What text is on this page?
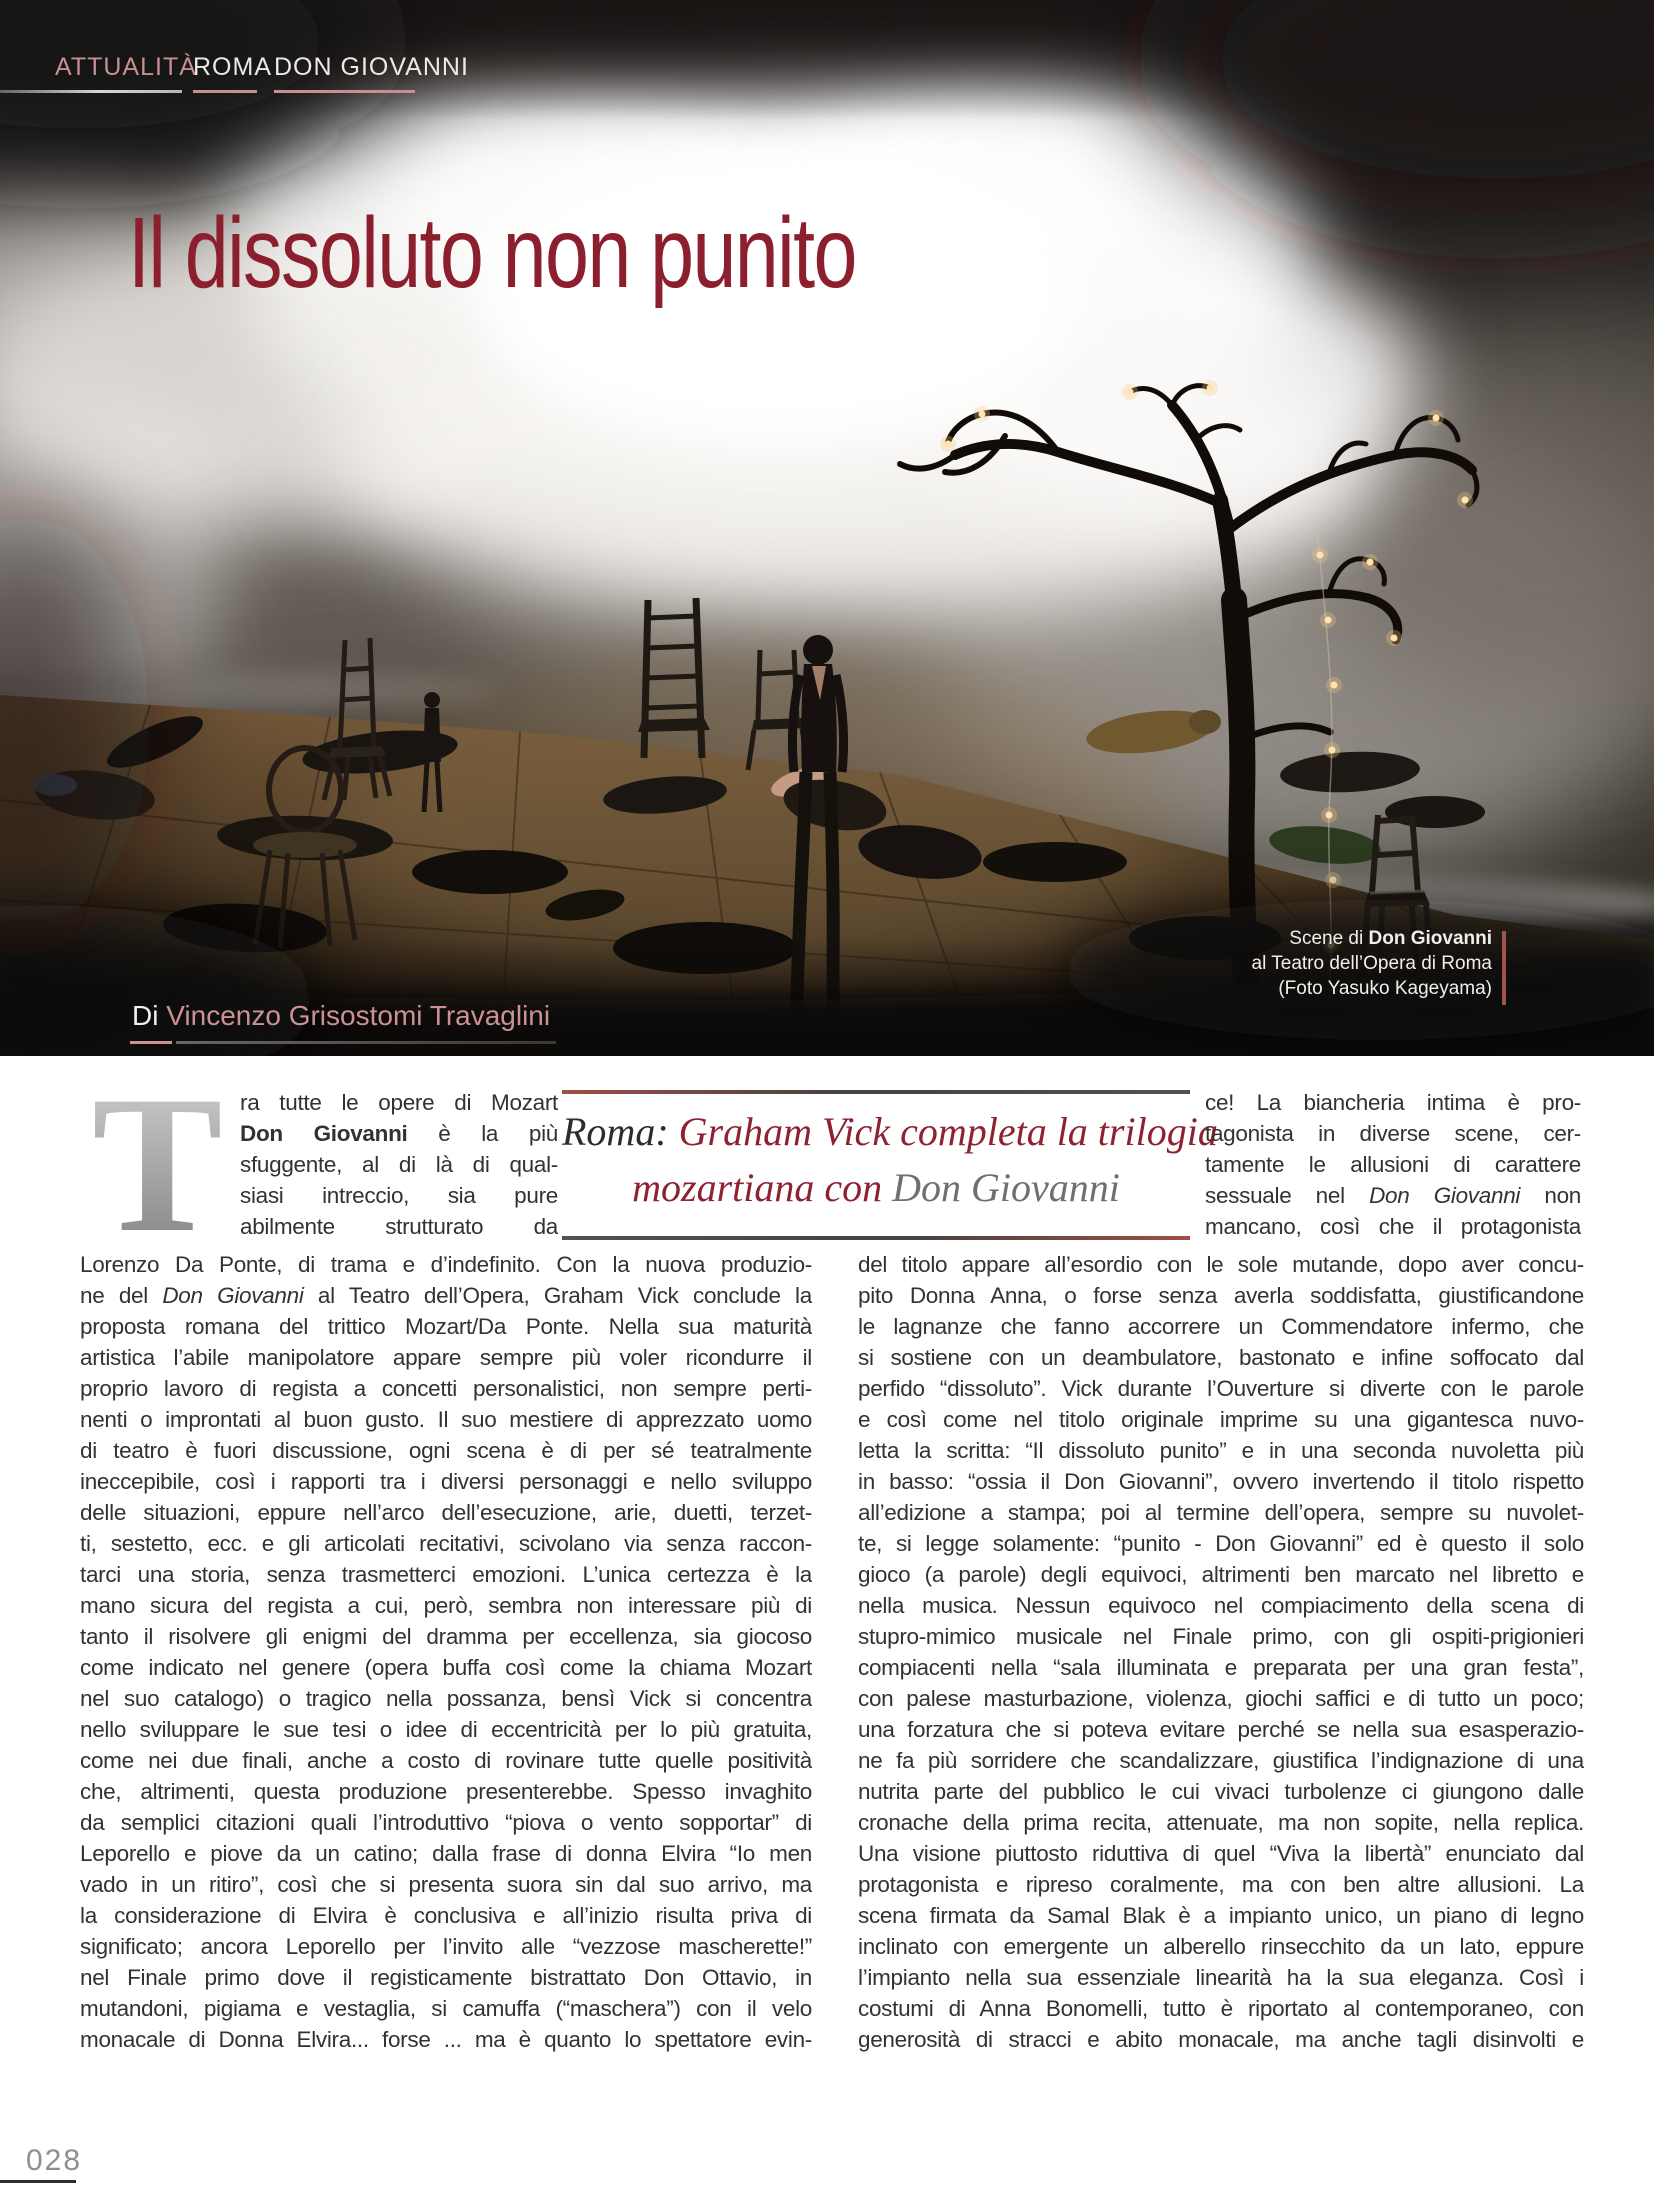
ATTUALITÀ
ROMA DON GIOVANNI
Il dissoluto non punito
Scene di Don Giovanni
al Teatro dell’Opera di Roma
(Foto Yasuko Kageyama)
Di Vincenzo Grisostomi Travaglini
T ra tutte le opere di Mozart
Don Giovanni è la più
sfuggente, al di là di qual-
siasi intreccio, sia pure
abilmente strutturato da
Roma: Graham Vick completa la trilogia
mozartiana con Don Giovanni
ce! La biancheria intima è pro-
tagonista in diverse scene, cer-
tamente le allusioni di carattere
sessuale nel Don Giovanni non
mancano, così che il protagonista
Lorenzo Da Ponte, di trama e d’indefinito. Con la nuova produzio-
ne del Don Giovanni al Teatro dell’Opera, Graham Vick conclude la
proposta romana del trittico Mozart/Da Ponte. Nella sua maturità
artistica l’abile manipolatore appare sempre più voler ricondurre il
proprio lavoro di regista a concetti personalistici, non sempre perti-
nenti o improntati al buon gusto. Il suo mestiere di apprezzato uomo
di teatro è fuori discussione, ogni scena è di per sé teatralmente
ineccepibile, così i rapporti tra i diversi personaggi e nello sviluppo
delle situazioni, eppure nell’arco dell’esecuzione, arie, duetti, terzet-
ti, sestetto, ecc. e gli articolati recitativi, scivolano via senza raccon-
tarci una storia, senza trasmetterci emozioni. L’unica certezza è la
mano sicura del regista a cui, però, sembra non interessare più di
tanto il risolvere gli enigmi del dramma per eccellenza, sia giocoso
come indicato nel genere (opera buffa così come la chiama Mozart
nel suo catalogo) o tragico nella possanza, bensì Vick si concentra
nello sviluppare le sue tesi o idee di eccentricità per lo più gratuita,
come nei due finali, anche a costo di rovinare tutte quelle positività
che, altrimenti, questa produzione presenterebbe. Spesso invaghito
da semplici citazioni quali l’introduttivo “piova o vento sopportar” di
Leporello e piove da un catino; dalla frase di donna Elvira “Io men
vado in un ritiro”, così che si presenta suora sin dal suo arrivo, ma
la considerazione di Elvira è conclusiva e all’inizio risulta priva di
significato; ancora Leporello per l’invito alle “vezzose mascherette!”
nel Finale primo dove il registicamente bistrattato Don Ottavio, in
mutandoni, pigiama e vestaglia, si camuffa (“maschera”) con il velo
monacale di Donna Elvira... forse ... ma è quanto lo spettatore evin-
del titolo appare all’esordio con le sole mutande, dopo aver concu-
pito Donna Anna, o forse senza averla soddisfatta, giustificandone
le lagnanze che fanno accorrere un Commendatore infermo, che
si sostiene con un deambulatore, bastonato e infine soffocato dal
perfido “dissoluto”. Vick durante l’Ouverture si diverte con le parole
e così come nel titolo originale imprime su una gigantesca nuvo-
letta la scritta: “Il dissoluto punito” e in una seconda nuvoletta più
in basso: “ossia il Don Giovanni”, ovvero invertendo il titolo rispetto
all’edizione a stampa; poi al termine dell’opera, sempre su nuvolet-
te, si legge solamente: “punito - Don Giovanni” ed è questo il solo
gioco (a parole) degli equivoci, altrimenti ben marcato nel libretto e
nella musica. Nessun equivoco nel compiacimento della scena di
stupro-mimico musicale nel Finale primo, con gli ospiti-prigionieri
compiacenti nella “sala illuminata e preparata per una gran festa”,
con palese masturbazione, violenza, giochi saffici e di tutto un poco;
una forzatura che si poteva evitare perché se nella sua esasperazio-
ne fa più sorridere che scandalizzare, giustifica l’indignazione di una
nutrita parte del pubblico le cui vivaci turbolenze ci giungono dalle
cronache della prima recita, attenuate, ma non sopite, nella replica.
Una visione piuttosto riduttiva di quel “Viva la libertà” enunciato dal
protagonista e ripreso coralmente, ma con ben altre allusioni. La
scena firmata da Samal Blak è a impianto unico, un piano di legno
inclinato con emergente un alberello rinsecchito da un lato, eppure
l’impianto nella sua essenziale linearità ha la sua eleganza. Così i
costumi di Anna Bonomelli, tutto è riportato al contemporaneo, con
generosità di stracci e abito monacale, ma anche tagli disinvolti e
028
